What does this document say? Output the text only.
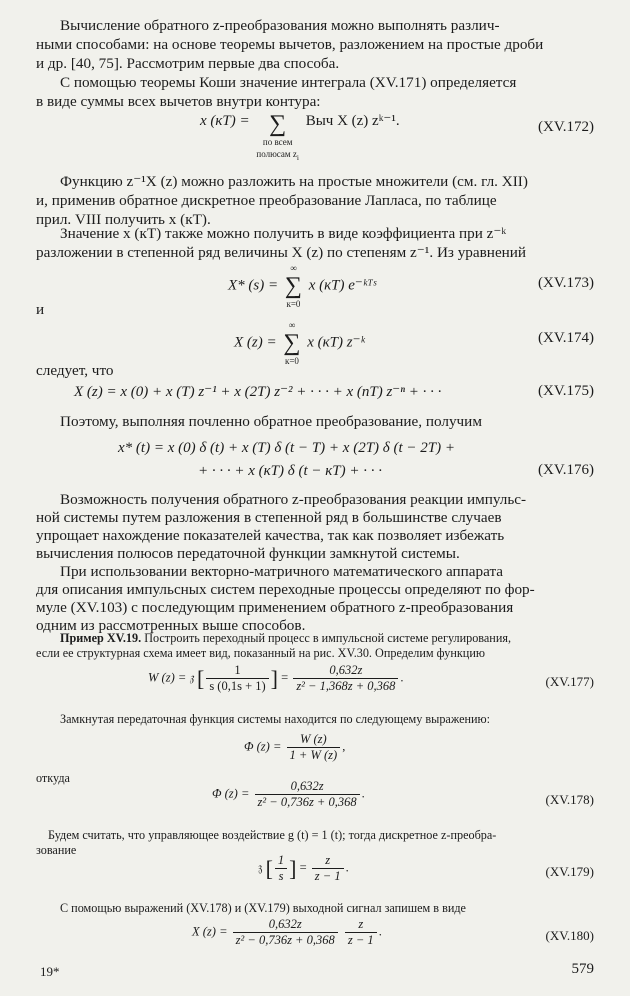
Вычисление обратного z-преобразования можно выполнять различ-
ными способами: на основе теоремы вычетов, разложением на простые дроби
и др. [40, 75]. Рассмотрим первые два способа.
С помощью теоремы Коши значение интеграла (XV.171) определяется
в виде суммы всех вычетов внутри контура:
x (кT) = ∑
по всем
полюсам $z_i$
Выч X (z) zᵏ⁻¹.	(XV.172)
Функцию z⁻¹X (z) можно разложить на простые множители (см. гл. XII)
и, применив обратное дискретное преобразование Лапласа, по таблице
прил. VIII получить x (кT).
Значение x (кT) также можно получить в виде коэффициента при z⁻ᵏ
разложении в степенной ряд величины X (z) по степеням z⁻¹. Из уравнений
X* (s) =
∞
∑
к=0
x (кT) e⁻ᵏᵀˢ	(XV.173)
и
X (z) =
∞
∑
к=0
x (кT) z⁻ᵏ	(XV.174)
следует, что
X (z) = x (0) + x (T) z⁻¹ + x (2T) z⁻² + · · · + x (nT) z⁻ⁿ + · · ·	(XV.175)
Поэтому, выполняя почленно обратное преобразование, получим
x* (t) = x (0) δ (t) + x (T) δ (t − T) + x (2T) δ (t − 2T) +
+ · · · + x (кT) δ (t − кT) + · · ·	(XV.176)
Возможность получения обратного z-преобразования реакции импульс-
ной системы путем разложения в степенной ряд в большинстве случаев
упрощает нахождение показателей качества, так как позволяет избежать
вычисления полюсов передаточной функции замкнутой системы.
При использовании векторно-матричного математического аппарата
для описания импульсных систем переходные процессы определяют по фор-
муле (XV.103) с последующим применением обратного z-преобразования
одним из рассмотренных выше способов.
Пример XV.19. Построить переходный процесс в импульсной системе регулирования,
если ее структурная схема имеет вид, показанный на рис. XV.30. Определим функцию
W (z) = 𝔷 [ $\frac{1}{s (0,1s + 1)}$ ] = $\frac{0,632z}{\text{z² − 1,368z + 0,368}}$ .	(XV.177)
Замкнутая передаточная функция системы находится по следующему выражению:
Φ $(z) = \frac{W (z)}{1 + W (z)}$ ,
откуда
Φ $(z) = \frac{0,632z}{\text{z² − 0,736z + 0,368}}$ .	(XV.178)
Будем считать, что управляющее воздействие g (t) = 1 (t); тогда дискретное z-преобра-
зование
𝔷 [ $\frac{1}{s}$ ] = $\frac{z}{z - 1}$ .	(XV.179)
С помощью выражений (XV.178) и (XV.179) выходной сигнал запишем в виде
X $(z) = \frac{0,632z}{\text{z² − 0,736z + 0,368}}$
$\frac{z}{z - 1}$ .	(XV.180)
19*	579
